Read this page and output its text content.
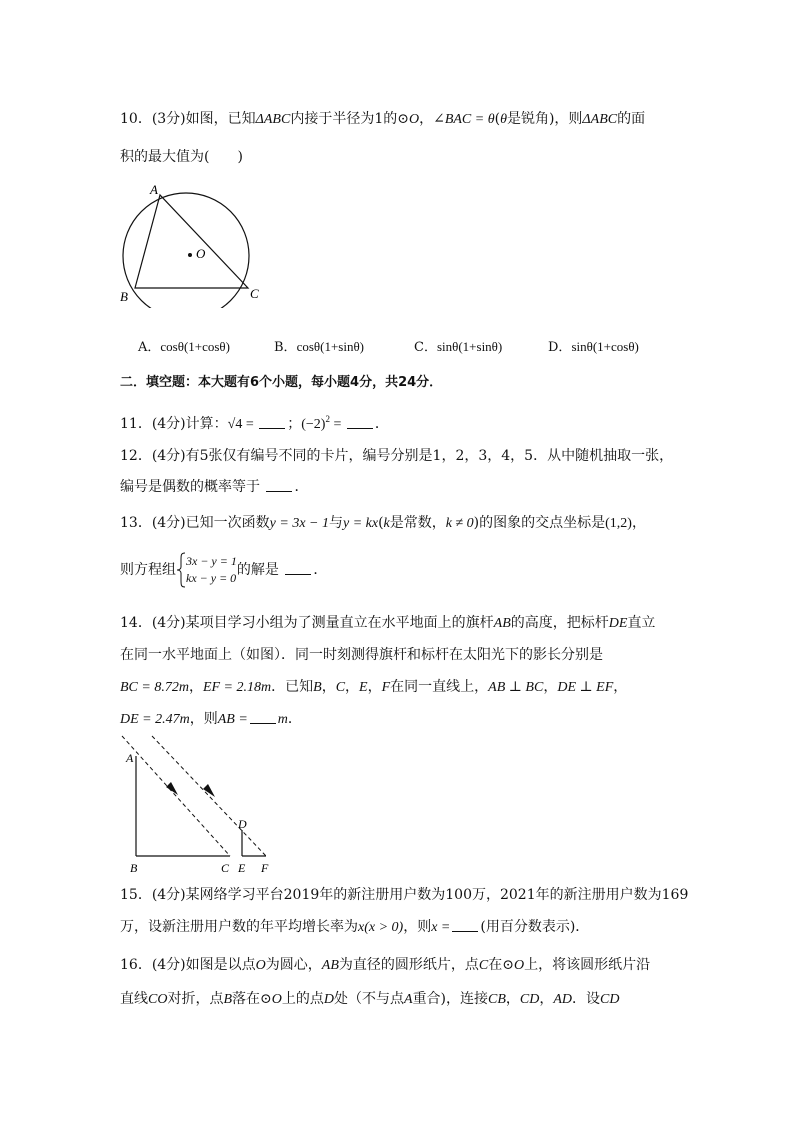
10．(3分)如图，已知ΔABC内接于半径为1的⊙O，∠BAC = θ(θ是锐角)，则ΔABC的面
积的最大值为(　　)
A
O
B	C
A．cosθ(1+cosθ)	B．cosθ(1+sinθ)	C．sinθ(1+sinθ)	D．sinθ(1+cosθ)
二．填空题：本大题有6个小题，每小题4分，共24分．
11．(4分)计算：√4 = ；$(-2)^2$ = ．
12．(4分)有5张仅有编号不同的卡片，编号分别是1，2，3，4，5．从中随机抽取一张，
编号是偶数的概率等于 ．
13．(4分)已知一次函数y = 3x − 1与y = kx(k是常数，k ≠ 0)的图象的交点坐标是(1,2)，
则方程组
3x − y = 1
kx − y = 0 的解是 ．
14．(4分)某项目学习小组为了测量直立在水平地面上的旗杆AB的高度，把标杆DE直立
在同一水平地面上（如图）．同一时刻测得旗杆和标杆在太阳光下的影长分别是
BC = 8.72m，EF = 2.18m．已知B，C，E，F在同一直线上，AB ⊥ BC，DE ⊥ EF，
DE = 2.47m，则AB = m．
A
B	C
D
E F
15．(4分)某网络学习平台2019年的新注册用户数为100万，2021年的新注册用户数为169
万，设新注册用户数的年平均增长率为x(x > 0)，则x = (用百分数表示)．
16．(4分)如图是以点O为圆心，AB为直径的圆形纸片，点C在⊙O上，将该圆形纸片沿
直线CO对折，点B落在⊙O上的点D处（不与点A重合)，连接CB，CD，AD．设CD
